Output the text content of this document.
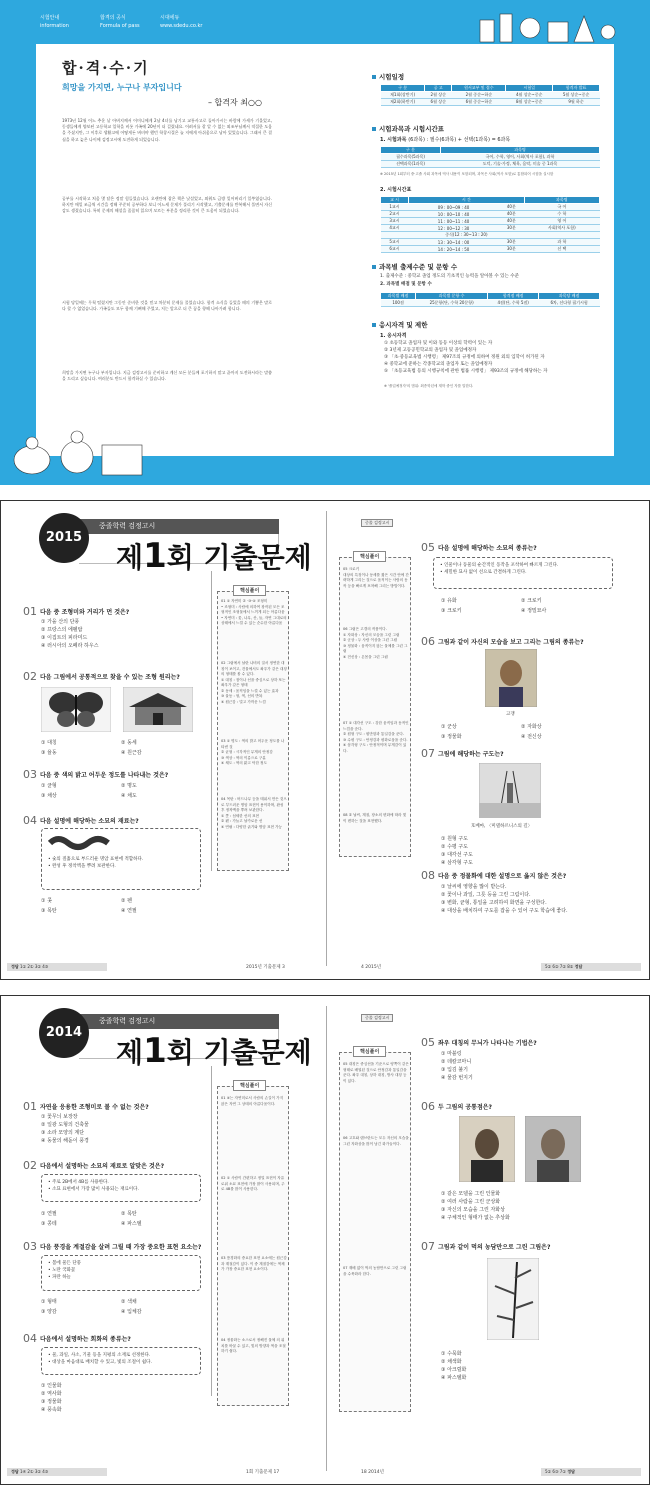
시험안내
information
합격의 공식
Formula of pass
시대에듀
www.sdedu.co.kr
합·격·수·기
희망을 가지면, 누구나 부자입니다
– 합격자 최○○
1973년 12월 어느 추운 날 아버지께서 어머니에게 2남 4녀를 남기고 교통사고로 돌아가시는 바람에 가세가 기울었고, 동생들에게 양보된 고등학교 입학을 비롯 가족에 20년이 더 걸렸네요. 어려서를 잘 알 수 없는 외조부님께서 적절한 도움을 주셨지만, 그 이후로 생활고에 어떻게든 버텨야 했던 학창시절은 늘 저에게 아쉬움으로 남아 있었습니다. 그래서 큰 결심을 하고 늦은 나이에 검정고시에 도전하게 되었습니다.
공부를 시작하고 처음 몇 달은 정말 힘들었습니다. 오랜만에 잡은 책은 낯설었고, 외워도 금방 잊어버리기 일쑤였습니다. 하지만 매일 조금씩 시간을 정해 꾸준히 공부하다 보니 어느새 문제가 풀리기 시작했고, 기출문제를 반복해서 풀면서 자신감도 생겼습니다. 특히 문제의 해설을 꼼꼼히 읽으며 모르는 부분을 정리한 것이 큰 도움이 되었습니다.
시험 당일에는 무척 떨렸지만 그동안 준비한 것을 믿고 차분히 문제를 풀었습니다. 합격 소식을 들었을 때의 기쁨은 말로 다 할 수 없었습니다. 가족들도 모두 함께 기뻐해 주었고, 저는 앞으로 더 큰 꿈을 향해 나아가려 합니다.
희망을 가지면 누구나 부자입니다. 지금 검정고시를 준비하고 계신 모든 분들께 포기하지 말고 끝까지 도전하시라는 말씀을 드리고 싶습니다. 여러분도 반드시 합격하실 수 있습니다.
시험일정
구 분	공 고	원서교부 및 접수	시험일	합격자 발표
제1회(상반기)	2월 상순	2월 중순~하순	4월 상순~중순	5월 상순~중순
제2회(하반기)	6월 상순	6월 중순~하순	8월 상순~중순	9월 하순
시험과목과 시험시간표
1. 시험과목 (6과목) : 필수(6과목) + 선택(1과목) = 6과목
구 분	과목명
필수과목(5과목)	국어, 수학, 영어, 사회(역사 포함), 과학
선택과목(1과목)	도덕, 기술·가정, 체육, 음악, 미술 중 1과목
※ 2015년 1회부터 중·고졸 사회 과목에 역사 내용이 포함되며, 과목은 사회(역사 포함)로 통합되어 시험을 실시함
2. 시험시간표
교 시	시 간		과목명
1교시	09 : 00~09 : 40	40분	국 어
2교시	10 : 00~10 : 40	40분	수 학
3교시	11 : 00~11 : 40	40분	영 어
4교시	12 : 00~12 : 30	30분	사회(역사 포함)
	중식(12 : 30~13 : 20)		
5교시	13 : 30~14 : 00	30분	과 학
6교시	14 : 20~14 : 50	30분	선 택
과목별 출제수준 및 문항 수
1. 출제수준 : 중학교 졸업 정도의 기초적인 능력을 알아볼 수 있는 수준
2. 과목별 배점 및 문항 수
과목별 배점	과목별 문항 수	합격점 배점	과목당 배점
100점	25문항(단, 수학 20문항)	4점(단, 수학 5점)	6차, 선다형 필기시험
응시자격 및 제한
1. 응시자격
① 초등학교 졸업자 및 이와 동등 이상의 학력이 있는 자
② 3년제 고등공민학교의 졸업자 및 졸업예정자
③ 「초·중등교육법 시행령」 제97조의 규정에 의하여 정원 외의 입학이 허가된 자
④ 중학교에 준하는 각종학교의 졸업자 또는 졸업예정자
⑤ 「초등교육법 등의 시행규칙에 관한 법률 시행령」 제93조의 규정에 해당하는 자
※ '졸업예정자'의 범위: 최종학년에 재학 중인 자를 말한다.
중졸학력 검정고시	미 술
2015
제1회 기출문제
중졸 검정고시
01 다음 중 조형미와 거리가 먼 것은?
① 가을 산의 단풍
② 프랑스의 에펠탑
③ 이집트의 피라미드
④ 러시아의 오페라 하우스
02 다음 그림에서 공통적으로 찾을 수 있는 조형 원리는?
① 대칭	② 동세
③ 율동	④ 원근감
03 다음 중 색의 밝고 어두운 정도를 나타내는 것은?
① 균형	② 명도
③ 채상	④ 채도
04 다음 설명에 해당하는 소묘의 재료는?
• 숯의 질흙으로 부드러운 명암 표현에 적합하다.
• 완성 후 정착액을 뿌려 보관한다.
① 콧	② 펜
③ 목탄	④ 연필
핵심풀이
01 ① 자연미 ② ·③·④ 조형미
• 조형미 : 사람에 의하여 창작된 모든 조형적인 조형물에서 느끼게 되는 아름다움
• 자연미 : 꽃, 나무, 산, 들, 자연 그대로의 상태에서 느낄 수 있는 순수한 아름다움
02 그림에서 날란 나비의 질서 정연한 대칭이 보이고, 건물에서도 좌우가 같은 대칭의 형태를 볼 수 있다.
① 대칭 : 점이나 선을 중심으로 상하 또는 좌우가 같은 형태
② 동세 : 움직임을 느낄 수 있는 효과
③ 율동 : 형, 색, 선의 반복
④ 원근감 : 멀고 가까운 느낌
03 ① 명도 : 색의 밝고 어두운 정도를 나타낸 것
② 균형 : 시각적인 무게의 안정감
③ 색상 : 색의 이름으로 구분
④ 채도 : 색의 맑고 탁한 정도
04 목탄 : 버드나무 등을 태워서 만든 것으로 부드러운 명암 표현이 용이하며, 완성 후 정착액을 뿌려 보관한다.
① 콧 : 섬세한 선의 표현
② 펜 : 가늘고 날카로운 선
④ 연필 : 다양한 굵기와 명암 표현 가능
핵심풀이
05 크로키
대상의 특징이나 동세를 짧은 시간 안에 간략하게 그리는 것으로 움직이는 사람의 동작 등을 빠르게 포착해 그리는 방법이다.
06 그림은 고갱의 작품이다.
① 자화상 : 자신의 모습을 그린 그림
② 군상 : 두 사람 이상을 그린 그림
③ 정물화 : 움직이지 않는 물체를 그린 그림
④ 전신상 : 온몸을 그린 그림
07 ① 대각선 구도 : 강한 움직임과 동적인 느낌을 준다.
② 원형 구도 : 원만함과 통일감을 준다.
③ 수평 구도 : 안정감과 평화로움을 준다.
④ 삼각형 구도 : 안정적이며 무게감이 있다.
08 ② 날씨, 계절, 장소의 변화에 따라 빛이 변하는 것을 표현했다.
05 다음 설명에 해당하는 소묘의 종류는?
• 인물이나 동물의 순간적인 동작을 포착하여 빠르게 그린다.
• 세밀한 묘사 없이 선으로 간결하게 그린다.
① 유화	② 크로키
③ 크로키	④ 정밀묘사
06 그림과 같이 자신의 모습을 보고 그리는 그림의 종류는?
고갱
① 군상	② 자화상
③ 정물화	④ 전신상
07 그림에 해당하는 구도는?
호베마, 〈미델하르니스의 길〉
① 원형 구도
② 수평 구도
③ 대각선 구도
④ 삼각형 구도
08 다음 중 정물화에 대한 설명으로 옳지 않은 것은?
① 날씨에 영향을 많이 받는다.
② 꽃이나 과일, 그릇 등을 그린 그림이다.
③ 변화, 균형, 통일을 고려하여 화면을 구성한다.
④ 대상을 배치하여 구도를 잡을 수 있어 구도 학습에 좋다.
정답 1① 2① 3② 4③	2015년 기출문제 3	4 2015년	5② 6② 7② 8① 정답
중졸학력 검정고시	미 술
2014
제1회 기출문제
중졸 검정고시
01 자연을 응용한 조형미로 볼 수 없는 것은?
① 꽃무늬 보장장
② 일광 도형의 건축물
③ 소라 모양의 계단
④ 동물의 해돋이 풍경
02 다음에서 설명하는 소묘의 재료로 알맞은 것은?
• 주로 2B에서 4B를 사용한다.
• 소묘 표현에서 가장 많이 사용되는 재료이다.
① 연필	② 목탄
③ 콩테	④ 파스텔
03 다음 풍경을 계절감을 살려 그릴 때 가장 중요한 표현 요소는?
• 봄에 물든 단풍
• 노란 국화꽃
• 파란 하늘
① 형태	② 색채
③ 양감	④ 입체감
04 다음에서 설명하는 회화의 종류는?
• 물, 과일, 사소, 기물 등을 지평의 소재로 선정한다.
• 대상을 마음대로 배치할 수 있고, 빛의 조절이 쉽다.
① 인물화
② 역사화
③ 정물화
④ 풍속화
핵심풀이
01 ④는 자연미로서 사람의 손길이 가지 않은 자연 그 상태의 아름다움이다.
02 ① 사람이 간편하고 정밀 표현이 자유로워 소묘 표현에 가장 많이 사용되며, 주로 4B를 많이 사용한다.
03 풍경화의 중요한 표현 요소에는 원근감과 계절감이 있다. 이 중 계절감에는 색채가 가장 중요한 표현 요소이다.
04 정물화는 소스로서 정해진 물체 의 위치를 바꿀 수 있고, 빛의 방향과 색을 조절하기 쉽다.
핵심풀이
05 대칭은 중심선을 기준으로 양쪽이 같은 형태로 배열된 것으로 안정감과 통일감을 준다. 좌우 대칭, 상하 대칭, 방사 대칭 등이 있다.
06 고흐와 렘브란트는 모두 자신의 모습을 그린 자화상을 많이 남긴 화가들이다.
07 재배 없이 먹의 농담만으로 그린 그림을 수묵화라 한다.
05 좌우 대칭의 무늬가 나타나는 기법은?
① 마블링
② 데칼코마니
③ 입김 불기
④ 물감 번지기
06 두 그림의 공통점은?
① 같은 모델을 그린 인물화
② 여러 사람을 그린 군상화
③ 자신의 모습을 그린 자화상
④ 구체적인 형태가 없는 추상화
07 그림과 같이 먹의 농담만으로 그린 그림은?
① 수묵화
② 채색화
③ 아크릴화
④ 파스텔화
정답 1④ 2① 3② 4③	1회 기출문제 17	18 2014년	5② 6③ 7① 정답
